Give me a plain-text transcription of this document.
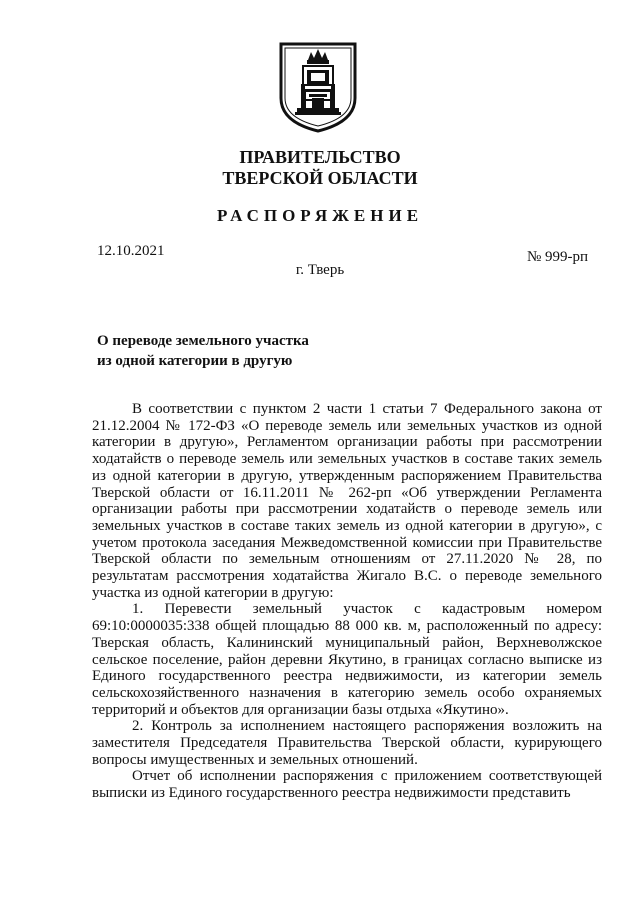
ПРАВИТЕЛЬСТВО
ТВЕРСКОЙ ОБЛАСТИ
РАСПОРЯЖЕНИЕ
12.10.2021	№ 999-рп
г. Тверь
О переводе земельного участка
из одной категории в другую

В соответствии с пунктом 2 части 1 статьи 7 Федерального закона от 21.12.2004 № 172-ФЗ «О переводе земель или земельных участков из одной категории в другую», Регламентом организации работы при рассмотрении ходатайств о переводе земель или земельных участков в составе таких земель из одной категории в другую, утвержденным распоряжением Правительства Тверской области от 16.11.2011 № 262-рп «Об утверждении Регламента организации работы при рассмотрении ходатайств о переводе земель или земельных участков в составе таких земель из одной категории в другую», с учетом протокола заседания Межведомственной комиссии при Правительстве Тверской области по земельным отношениям от 27.11.2020 № 28, по результатам рассмотрения ходатайства Жигало В.С. о переводе земельного участка из одной категории в другую:

1. Перевести земельный участок с кадастровым номером 69:10:0000035:338 общей площадью 88 000 кв. м, расположенный по адресу: Тверская область, Калининский муниципальный район, Верхневолжское сельское поселение, район деревни Якутино, в границах согласно выписке из Единого государственного реестра недвижимости, из категории земель сельскохозяйственного назначения в категорию земель особо охраняемых территорий и объектов для организации базы отдыха «Якутино».

2. Контроль за исполнением настоящего распоряжения возложить на заместителя Председателя Правительства Тверской области, курирующего вопросы имущественных и земельных отношений.

Отчет об исполнении распоряжения с приложением соответствующей выписки из Единого государственного реестра недвижимости представить
